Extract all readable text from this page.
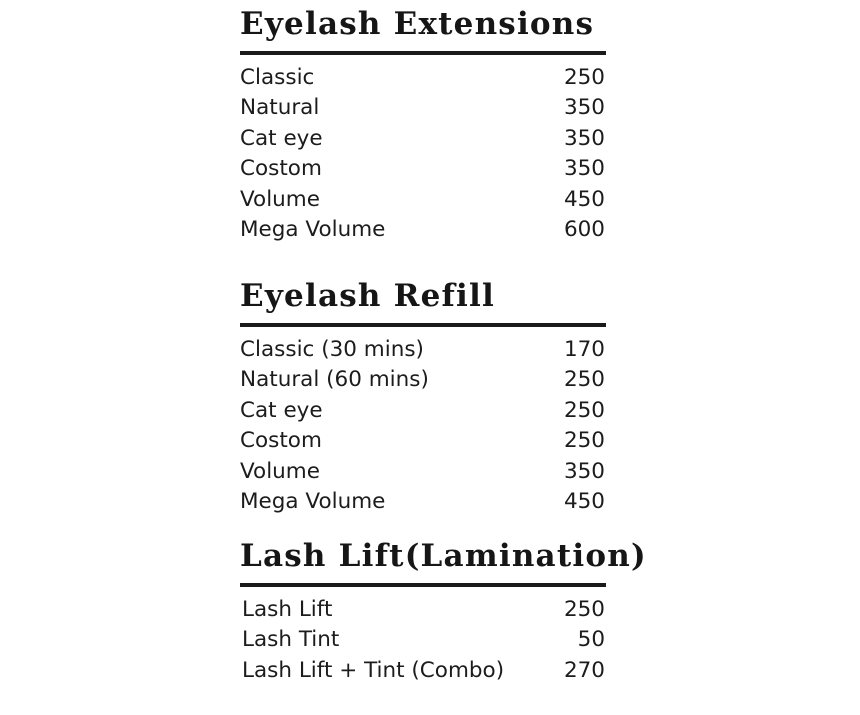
Eyelash Extensions
Classic	250
Natural	350
Cat eye	350
Costom	350
Volume	450
Mega Volume	600
Eyelash Refill
Classic (30 mins)	170
Natural (60 mins)	250
Cat eye	250
Costom	250
Volume	350
Mega Volume	450
Lash Lift(Lamination)
Lash Lift	250
Lash Tint	50
Lash Lift + Tint (Combo)	270
